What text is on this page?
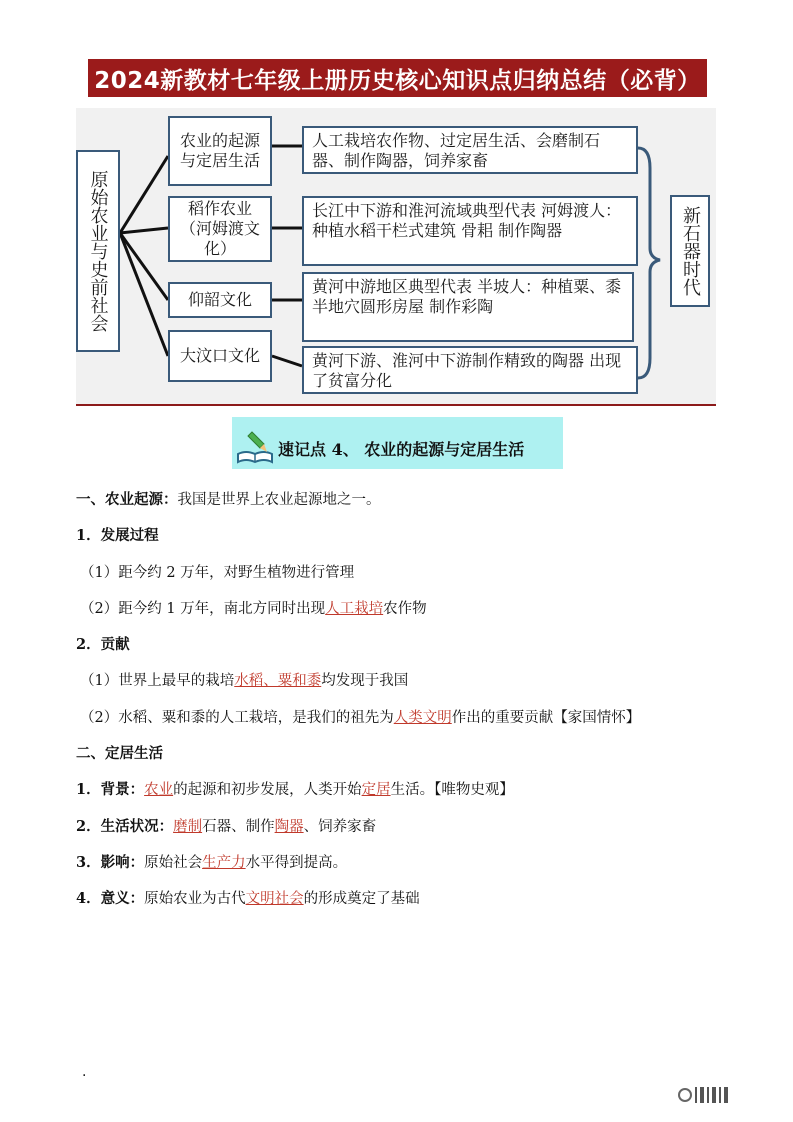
2024新教材七年级上册历史核心知识点归纳总结（必背）
原始农业与史前社会
农业的起源与定居生活
稻作农业（河姆渡文化）
仰韶文化
大汶口文化
人工栽培农作物、过定居生活、会磨制石器、制作陶器，饲养家畜
长江中下游和淮河流域典型代表 河姆渡人：种植水稻干栏式建筑 骨耜 制作陶器
黄河中游地区典型代表 半坡人：种植粟、黍半地穴圆形房屋 制作彩陶
黄河下游、淮河中下游制作精致的陶器 出现了贫富分化
新石器时代
速记点 4、 农业的起源与定居生活
一、农业起源：我国是世界上农业起源地之一。
1．发展过程
（1）距今约 2 万年，对野生植物进行管理
（2）距今约 1 万年，南北方同时出现人工栽培农作物
2．贡献
（1）世界上最早的栽培水稻、粟和黍均发现于我国
（2）水稻、粟和黍的人工栽培，是我们的祖先为人类文明作出的重要贡献【家国情怀】
二、定居生活
1．背景：农业的起源和初步发展，人类开始定居生活。【唯物史观】
2．生活状况：磨制石器、制作陶器、饲养家畜
3．影响：原始社会生产力水平得到提高。
4．意义：原始农业为古代文明社会的形成奠定了基础
.
